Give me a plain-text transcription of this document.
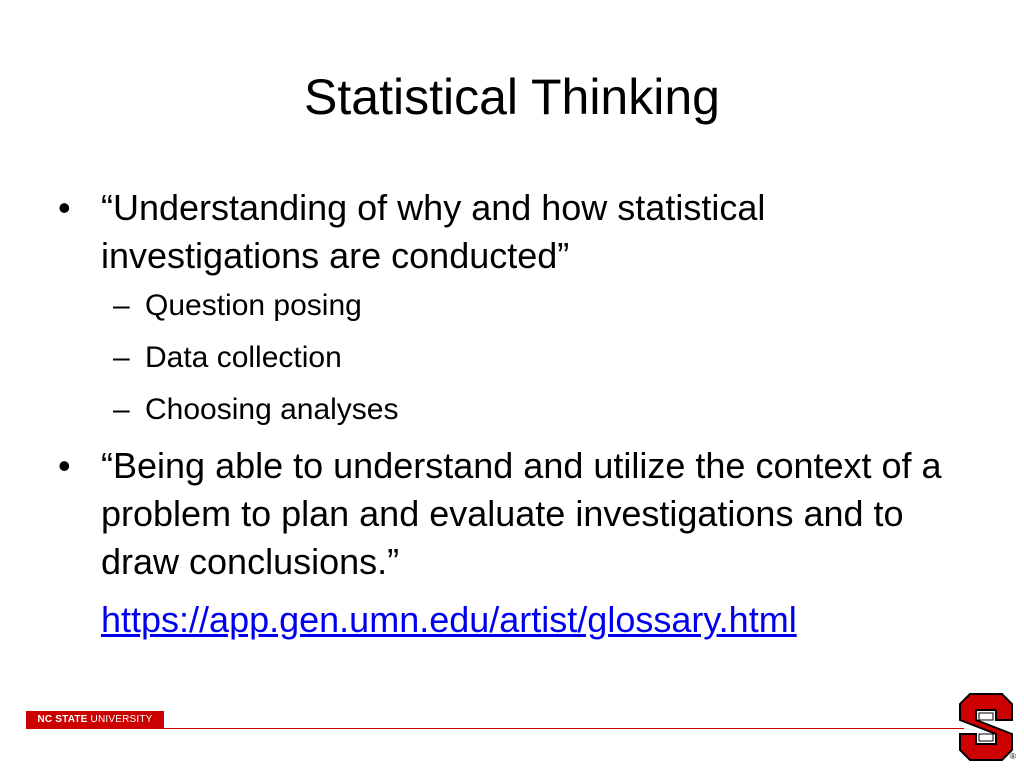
Statistical Thinking
• “Understanding of why and how statistical investigations are conducted”
– Question posing
– Data collection
– Choosing analyses
• “Being able to understand and utilize the context of a problem to plan and evaluate investigations and to draw conclusions.”
https://app.gen.umn.edu/artist/glossary.html
NC STATE UNIVERSITY
®
